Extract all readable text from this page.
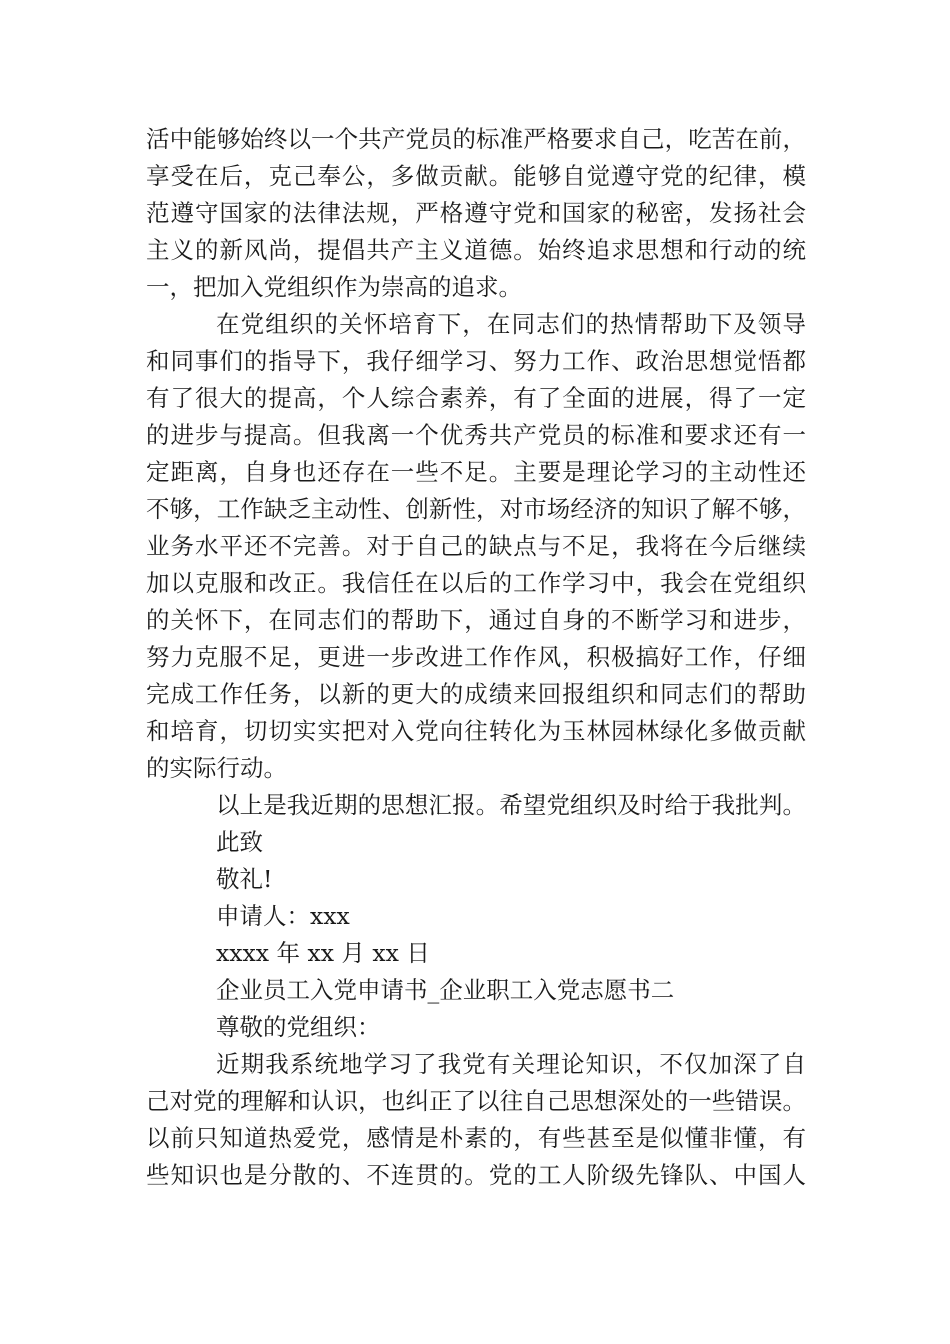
活中能够始终以一个共产党员的标准严格要求自己，吃苦在前，
享受在后，克己奉公，多做贡献。能够自觉遵守党的纪律，模
范遵守国家的法律法规，严格遵守党和国家的秘密，发扬社会
主义的新风尚，提倡共产主义道德。始终追求思想和行动的统
一，把加入党组织作为崇高的追求。
在党组织的关怀培育下，在同志们的热情帮助下及领导
和同事们的指导下，我仔细学习、努力工作、政治思想觉悟都
有了很大的提高，个人综合素养，有了全面的进展，得了一定
的进步与提高。但我离一个优秀共产党员的标准和要求还有一
定距离，自身也还存在一些不足。主要是理论学习的主动性还
不够，工作缺乏主动性、创新性，对市场经济的知识了解不够，
业务水平还不完善。对于自己的缺点与不足，我将在今后继续
加以克服和改正。我信任在以后的工作学习中，我会在党组织
的关怀下，在同志们的帮助下，通过自身的不断学习和进步，
努力克服不足，更进一步改进工作作风，积极搞好工作，仔细
完成工作任务，以新的更大的成绩来回报组织和同志们的帮助
和培育，切切实实把对入党向往转化为玉林园林绿化多做贡献
的实际行动。
以上是我近期的思想汇报。希望党组织及时给于我批判。
此致
敬礼!
申请人：xxx
xxxx 年 xx 月 xx 日
企业员工入党申请书_企业职工入党志愿书二
尊敬的党组织：
近期我系统地学习了我党有关理论知识，不仅加深了自
己对党的理解和认识，也纠正了以往自己思想深处的一些错误。
以前只知道热爱党，感情是朴素的，有些甚至是似懂非懂，有
些知识也是分散的、不连贯的。党的工人阶级先锋队、中国人
